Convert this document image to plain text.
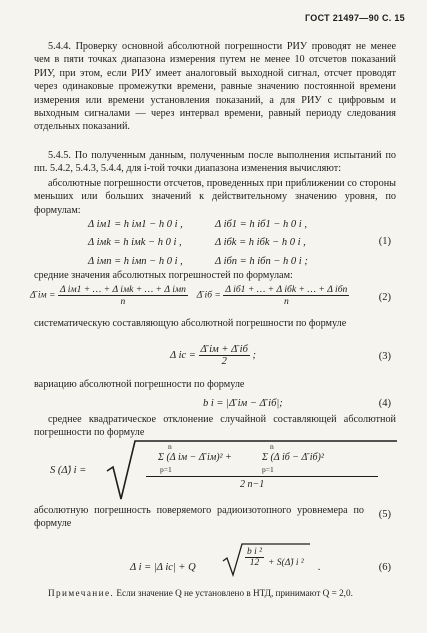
ГОСТ 21497—90 С. 15
5.4.4. Проверку основной абсолютной погрешности РИУ проводят не менее чем в пяти точках диапазона измерения путем не менее 10 отсчетов показаний РИУ, при этом, если РИУ имеет аналоговый выходной сигнал, отсчет проводят через одинаковые промежутки времени, равные значению постоянной времени измерения или времени установления показаний, а для РИУ с цифровым и выходным сигналами — через интервал времени, равный периоду следования отдельных показаний.
5.4.5. По полученным данным, полученным после выполнения испытаний по пп. 5.4.2, 5.4.3, 5.4.4, для i-той точки диапазона изменения вычисляют:
абсолютные погрешности отсчетов, проведенных при приближении со стороны меньших или больших значений к действительному значению уровня, по формулам:
Δ iм1 = h iм1 − h 0 i ,	Δ iб1 = h iб1 − h 0 i ,
Δ iмk = h iмk − h 0 i ,	Δ iбk = h iбk − h 0 i ,
Δ iмn = h iмn − h 0 i ,	Δ iбn = h iбn − h 0 i ;
(1)
средние значения абсолютных погрешностей по формулам:
Δ̄ iм = $\frac{\text{Δ iм1 + … + Δ iмk + … + Δ iмn}}{n}$ Δ̄ iб = $\frac{\text{Δ iб1 + … + Δ iбk + … + Δ iбn}}{n}$	(2)
систематическую составляющую абсолютной погрешности по формуле
Δ ic = $\frac{\Deltā iм + \Deltā iб}{2}$ ;	(3)
вариацию абсолютной погрешности по формуле
b i = |Δ̄ iм − Δ̄ iб|;	(4)
среднее квадратическое отклонение случайной составляющей абсолютной погрешности по формуле
S (Δ̊) i =
n
p=1
n
p=1
Σ (Δ iм − Δ̄ iм)² +	Σ (Δ iб − Δ̄ iб)²
2 n−1
(5)
абсолютную погрешность поверяемого радиоизотопного уровнемера по формуле
Δ i = |Δ ic| + Q	$\frac{\text{b i ²}}{12}$ + S(Δ̊) i ² .	(6)
Примечание. Если значение Q не установлено в НТД, принимают Q = 2,0.
